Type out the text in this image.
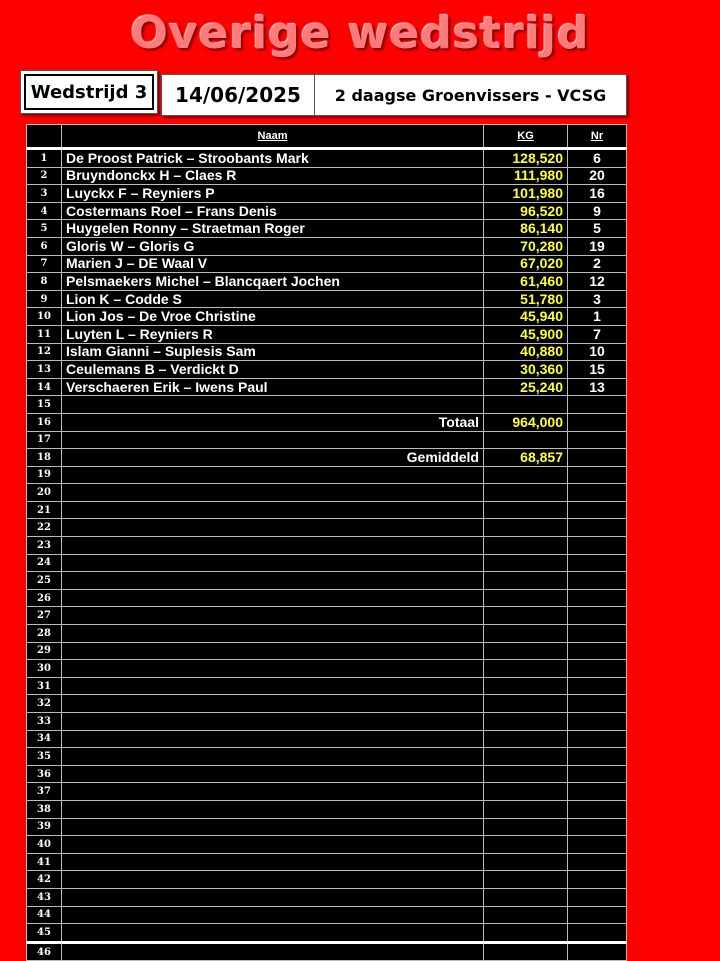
Overige wedstrijd
Wedstrijd 3	14/06/2025	2 daagse Groenvissers - VCSG
	Naam	KG	Nr
1	De Proost Patrick – Stroobants Mark	128,520	6
2	Bruyndonckx H – Claes R	111,980	20
3	Luyckx F – Reyniers P	101,980	16
4	Costermans Roel – Frans Denis	96,520	9
5	Huygelen Ronny – Straetman Roger	86,140	5
6	Gloris W – Gloris G	70,280	19
7	Marien J – DE Waal V	67,020	2
8	Pelsmaekers Michel – Blancqaert Jochen	61,460	12
9	Lion K – Codde S	51,780	3
10	Lion Jos – De Vroe Christine	45,940	1
11	Luyten L – Reyniers R	45,900	7
12	Islam Gianni – Suplesis Sam	40,880	10
13	Ceulemans B – Verdickt D	30,360	15
14	Verschaeren Erik – Iwens Paul	25,240	13
15			
16	Totaal	964,000	
17			
18	Gemiddeld	68,857	
19			
20			
21			
22			
23			
24			
25			
26			
27			
28			
29			
30			
31			
32			
33			
34			
35			
36			
37			
38			
39			
40			
41			
42			
43			
44			
45			
46			
